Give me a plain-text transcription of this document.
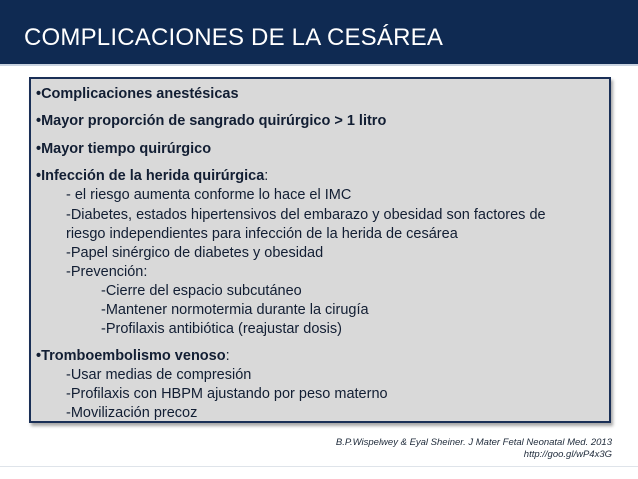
COMPLICACIONES DE LA CESÁREA
•Complicaciones anestésicas
•Mayor proporción de sangrado quirúrgico > 1 litro
•Mayor tiempo quirúrgico
•Infección de la herida quirúrgica:
- el riesgo aumenta conforme lo hace el IMC
-Diabetes, estados hipertensivos del embarazo y obesidad son factores de
riesgo independientes para infección de la herida de cesárea
-Papel sinérgico de diabetes y obesidad
-Prevención:
-Cierre del espacio subcutáneo
-Mantener normotermia durante la cirugía
-Profilaxis antibiótica (reajustar dosis)
•Tromboembolismo venoso:
-Usar medias de compresión
-Profilaxis con HBPM ajustando por peso materno
-Movilización precoz
B.P.Wispelwey & Eyal Sheiner. J Mater Fetal Neonatal Med. 2013
http://goo.gl/wP4x3G
